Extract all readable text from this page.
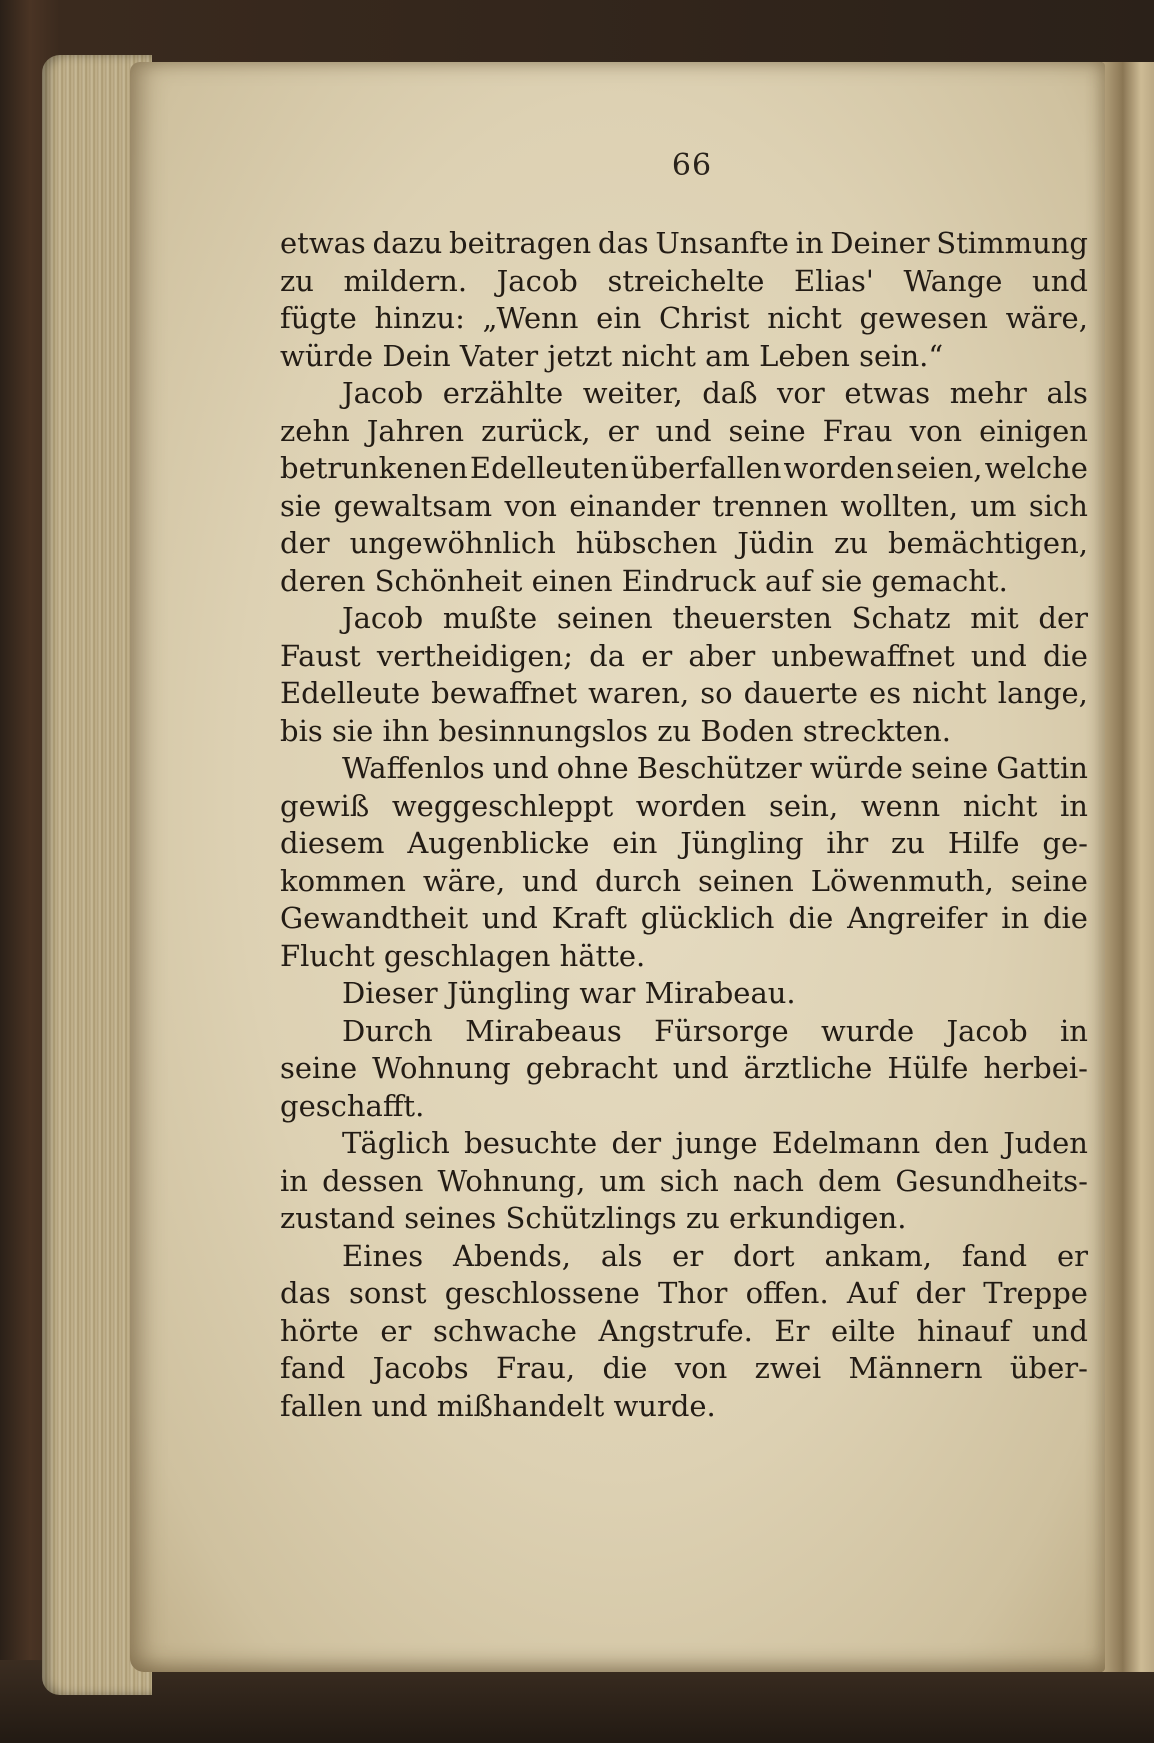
66
etwas dazu beitragen das Unsanfte in Deiner Stimmung
zu mildern. Jacob streichelte Elias' Wange und
fügte hinzu: „Wenn ein Christ nicht gewesen wäre,
würde Dein Vater jetzt nicht am Leben sein.“
Jacob erzählte weiter, daß vor etwas mehr als
zehn Jahren zurück, er und seine Frau von einigen
betrunkenen Edelleuten überfallen worden seien, welche
sie gewaltsam von einander trennen wollten, um sich
der ungewöhnlich hübschen Jüdin zu bemächtigen,
deren Schönheit einen Eindruck auf sie gemacht.
Jacob mußte seinen theuersten Schatz mit der
Faust vertheidigen; da er aber unbewaffnet und die
Edelleute bewaffnet waren, so dauerte es nicht lange,
bis sie ihn besinnungslos zu Boden streckten.
Waffenlos und ohne Beschützer würde seine Gattin
gewiß weggeschleppt worden sein, wenn nicht in
diesem Augenblicke ein Jüngling ihr zu Hilfe ge-
kommen wäre, und durch seinen Löwenmuth, seine
Gewandtheit und Kraft glücklich die Angreifer in die
Flucht geschlagen hätte.
Dieser Jüngling war Mirabeau.
Durch Mirabeaus Fürsorge wurde Jacob in
seine Wohnung gebracht und ärztliche Hülfe herbei-
geschafft.
Täglich besuchte der junge Edelmann den Juden
in dessen Wohnung, um sich nach dem Gesundheits-
zustand seines Schützlings zu erkundigen.
Eines Abends, als er dort ankam, fand er
das sonst geschlossene Thor offen. Auf der Treppe
hörte er schwache Angstrufe. Er eilte hinauf und
fand Jacobs Frau, die von zwei Männern über-
fallen und mißhandelt wurde.
